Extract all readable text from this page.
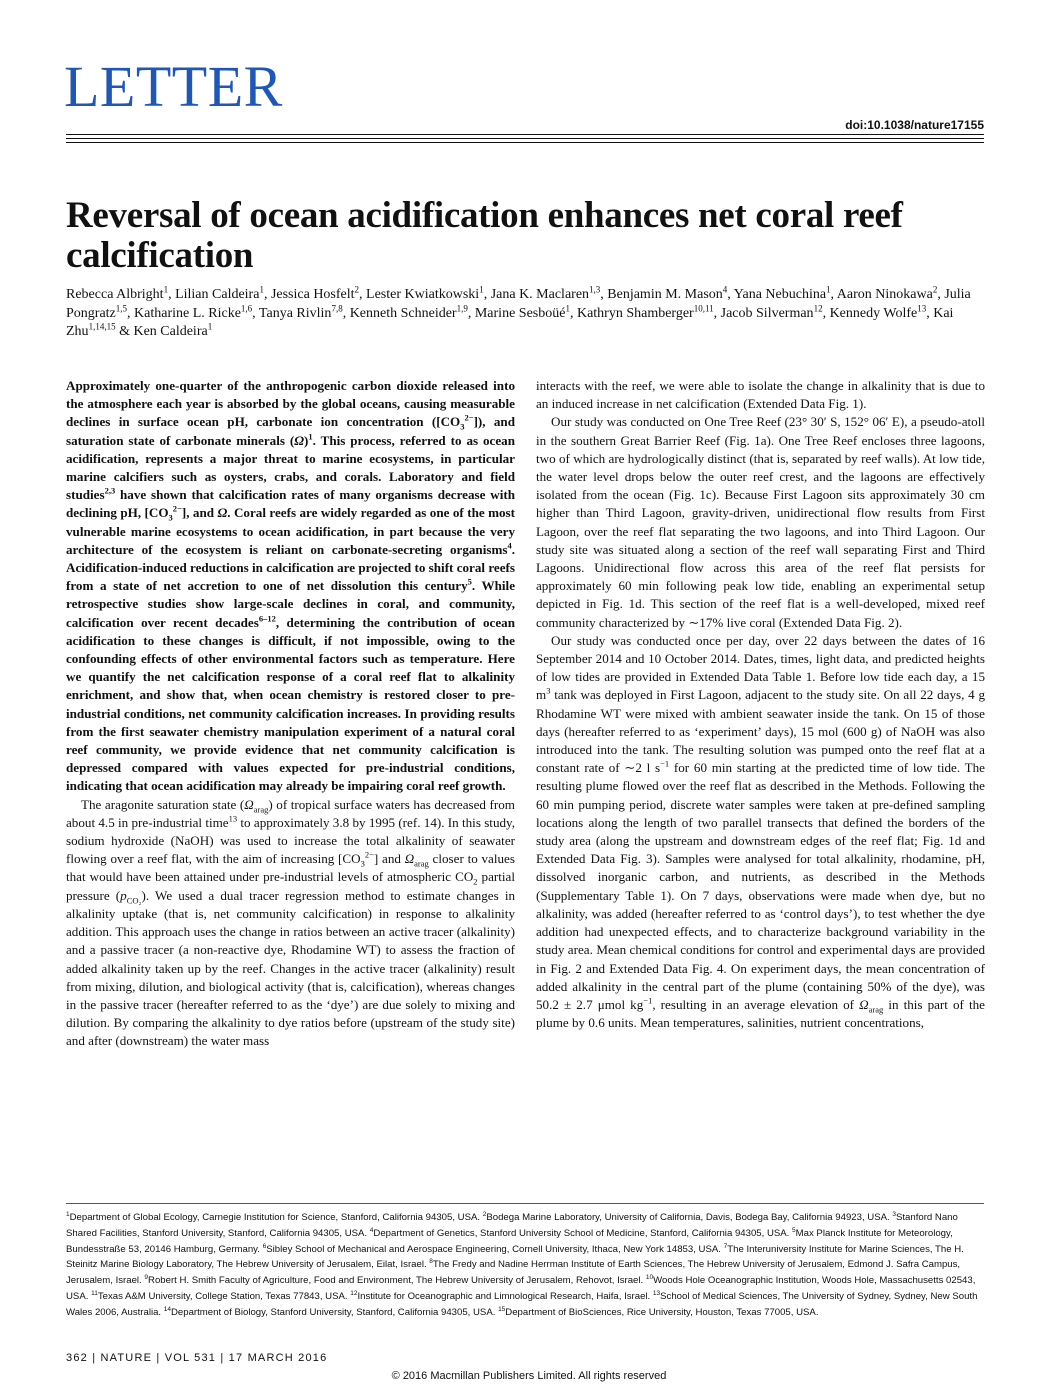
LETTER
doi:10.1038/nature17155
Reversal of ocean acidification enhances net coral reef calcification
Rebecca Albright$^1$, Lilian Caldeira$^1$, Jessica Hosfelt$^2$, Lester Kwiatkowski$^1$, Jana K. Maclaren$^{1,3}$, Benjamin M. Mason$^4$, Yana Nebuchina$^1$, Aaron Ninokawa$^2$, Julia Pongratz$^{1,5}$, Katharine L. Ricke$^{1,6}$, Tanya Rivlin$^{7,8}$, Kenneth Schneider$^{1,9}$, Marine Sesboüé$^1$, Kathryn Shamberger$^{10,11}$, Jacob Silverman$^{12}$, Kennedy Wolfe$^{13}$, Kai Zhu$^{1,14,15}$ & Ken Caldeira$^1$

Approximately one-quarter of the anthropogenic carbon dioxide released into the atmosphere each year is absorbed by the global oceans, causing measurable declines in surface ocean pH, carbonate ion concentration $([CO_3^{2-}])$, and saturation state of carbonate minerals $(\Omega)^1$. This process, referred to as ocean acidification, represents a major threat to marine ecosystems, in particular marine calcifiers such as oysters, crabs, and corals. Laboratory and field studies$^{2,3}$ have shown that calcification rates of many organisms decrease with declining pH, $[CO_3^{2-}]$, and Ω. Coral reefs are widely regarded as one of the most vulnerable marine ecosystems to ocean acidification, in part because the very architecture of the ecosystem is reliant on carbonate-secreting organisms$^4$. Acidification-induced reductions in calcification are projected to shift coral reefs from a state of net accretion to one of net dissolution this century$^5$. While retrospective studies show large-scale declines in coral, and community, calcification over recent decades$^{6-12}$, determining the contribution of ocean acidification to these changes is difficult, if not impossible, owing to the confounding effects of other environmental factors such as temperature. Here we quantify the net calcification response of a coral reef flat to alkalinity enrichment, and show that, when ocean chemistry is restored closer to pre-industrial conditions, net community calcification increases. In providing results from the first seawater chemistry manipulation experiment of a natural coral reef community, we provide evidence that net community calcification is depressed compared with values expected for pre-industrial conditions, indicating that ocean acidification may already be impairing coral reef growth.

The aragonite saturation state $(\Omega_{arag})$ of tropical surface waters has decreased from about 4.5 in pre-industrial time$^{13}$ to approximately 3.8 by 1995 (ref. 14). In this study, sodium hydroxide (NaOH) was used to increase the total alkalinity of seawater flowing over a reef flat, with the aim of increasing $[CO_3^{2-}]$ and $\Omega_{arag}$ closer to values that would have been attained under pre-industrial levels of atmospheric $CO_2$ partial pressure $(p_{CO_2})$. We used a dual tracer regression method to estimate changes in alkalinity uptake (that is, net community calcification) in response to alkalinity addition. This approach uses the change in ratios between an active tracer (alkalinity) and a passive tracer (a non-reactive dye, Rhodamine WT) to assess the fraction of added alkalinity taken up by the reef. Changes in the active tracer (alkalinity) result from mixing, dilution, and biological activity (that is, calcification), whereas changes in the passive tracer (hereafter referred to as the ‘dye’) are due solely to mixing and dilution. By comparing the alkalinity to dye ratios before (upstream of the study site) and after (downstream) the water mass

interacts with the reef, we were able to isolate the change in alkalinity that is due to an induced increase in net calcification (Extended Data Fig. 1).

Our study was conducted on One Tree Reef (23° 30′ S, 152° 06′ E), a pseudo-atoll in the southern Great Barrier Reef (Fig. 1a). One Tree Reef encloses three lagoons, two of which are hydrologically distinct (that is, separated by reef walls). At low tide, the water level drops below the outer reef crest, and the lagoons are effectively isolated from the ocean (Fig. 1c). Because First Lagoon sits approximately 30 cm higher than Third Lagoon, gravity-driven, unidirectional flow results from First Lagoon, over the reef flat separating the two lagoons, and into Third Lagoon. Our study site was situated along a section of the reef wall separating First and Third Lagoons. Unidirectional flow across this area of the reef flat persists for approximately 60 min following peak low tide, enabling an experimental setup depicted in Fig. 1d. This section of the reef flat is a well-developed, mixed reef community characterized by ∼17% live coral (Extended Data Fig. 2).

Our study was conducted once per day, over 22 days between the dates of 16 September 2014 and 10 October 2014. Dates, times, light data, and predicted heights of low tides are provided in Extended Data Table 1. Before low tide each day, a 15 $m^3$ tank was deployed in First Lagoon, adjacent to the study site. On all 22 days, 4 g Rhodamine WT were mixed with ambient seawater inside the tank. On 15 of those days (hereafter referred to as ‘experiment’ days), 15 mol (600 g) of NaOH was also introduced into the tank. The resulting solution was pumped onto the reef flat at a constant rate of ∼2 l $s^{-1}$ for 60 min starting at the predicted time of low tide. The resulting plume flowed over the reef flat as described in the Methods. Following the 60 min pumping period, discrete water samples were taken at pre-defined sampling locations along the length of two parallel transects that defined the borders of the study area (along the upstream and downstream edges of the reef flat; Fig. 1d and Extended Data Fig. 3). Samples were analysed for total alkalinity, rhodamine, pH, dissolved inorganic carbon, and nutrients, as described in the Methods (Supplementary Table 1). On 7 days, observations were made when dye, but no alkalinity, was added (hereafter referred to as ‘control days’), to test whether the dye addition had unexpected effects, and to characterize background variability in the study area. Mean chemical conditions for control and experimental days are provided in Fig. 2 and Extended Data Fig. 4. On experiment days, the mean concentration of added alkalinity in the central part of the plume (containing 50% of the dye), was 50.2 ± 2.7 μmol $kg^{-1}$, resulting in an average elevation of $\Omega_{arag}$ in this part of the plume by 0.6 units. Mean temperatures, salinities, nutrient concentrations,

$^1$Department of Global Ecology, Carnegie Institution for Science, Stanford, California 94305, USA. $^2$Bodega Marine Laboratory, University of California, Davis, Bodega Bay, California 94923, USA. $^3$Stanford Nano Shared Facilities, Stanford University, Stanford, California 94305, USA. $^4$Department of Genetics, Stanford University School of Medicine, Stanford, California 94305, USA. $^5$Max Planck Institute for Meteorology, Bundesstraße 53, 20146 Hamburg, Germany. $^6$Sibley School of Mechanical and Aerospace Engineering, Cornell University, Ithaca, New York 14853, USA. $^7$The Interuniversity Institute for Marine Sciences, The H. Steinitz Marine Biology Laboratory, The Hebrew University of Jerusalem, Eilat, Israel. $^8$The Fredy and Nadine Herrman Institute of Earth Sciences, The Hebrew University of Jerusalem, Edmond J. Safra Campus, Jerusalem, Israel. $^9$Robert H. Smith Faculty of Agriculture, Food and Environment, The Hebrew University of Jerusalem, Rehovot, Israel. $^{10}$Woods Hole Oceanographic Institution, Woods Hole, Massachusetts 02543, USA. $^{11}$Texas A&M University, College Station, Texas 77843, USA. $^{12}$Institute for Oceanographic and Limnological Research, Haifa, Israel. $^{13}$School of Medical Sciences, The University of Sydney, Sydney, New South Wales 2006, Australia. $^{14}$Department of Biology, Stanford University, Stanford, California 94305, USA. $^{15}$Department of BioSciences, Rice University, Houston, Texas 77005, USA.
362 | NATURE | VOL 531 | 17 MARCH 2016
© 2016 Macmillan Publishers Limited. All rights reserved
